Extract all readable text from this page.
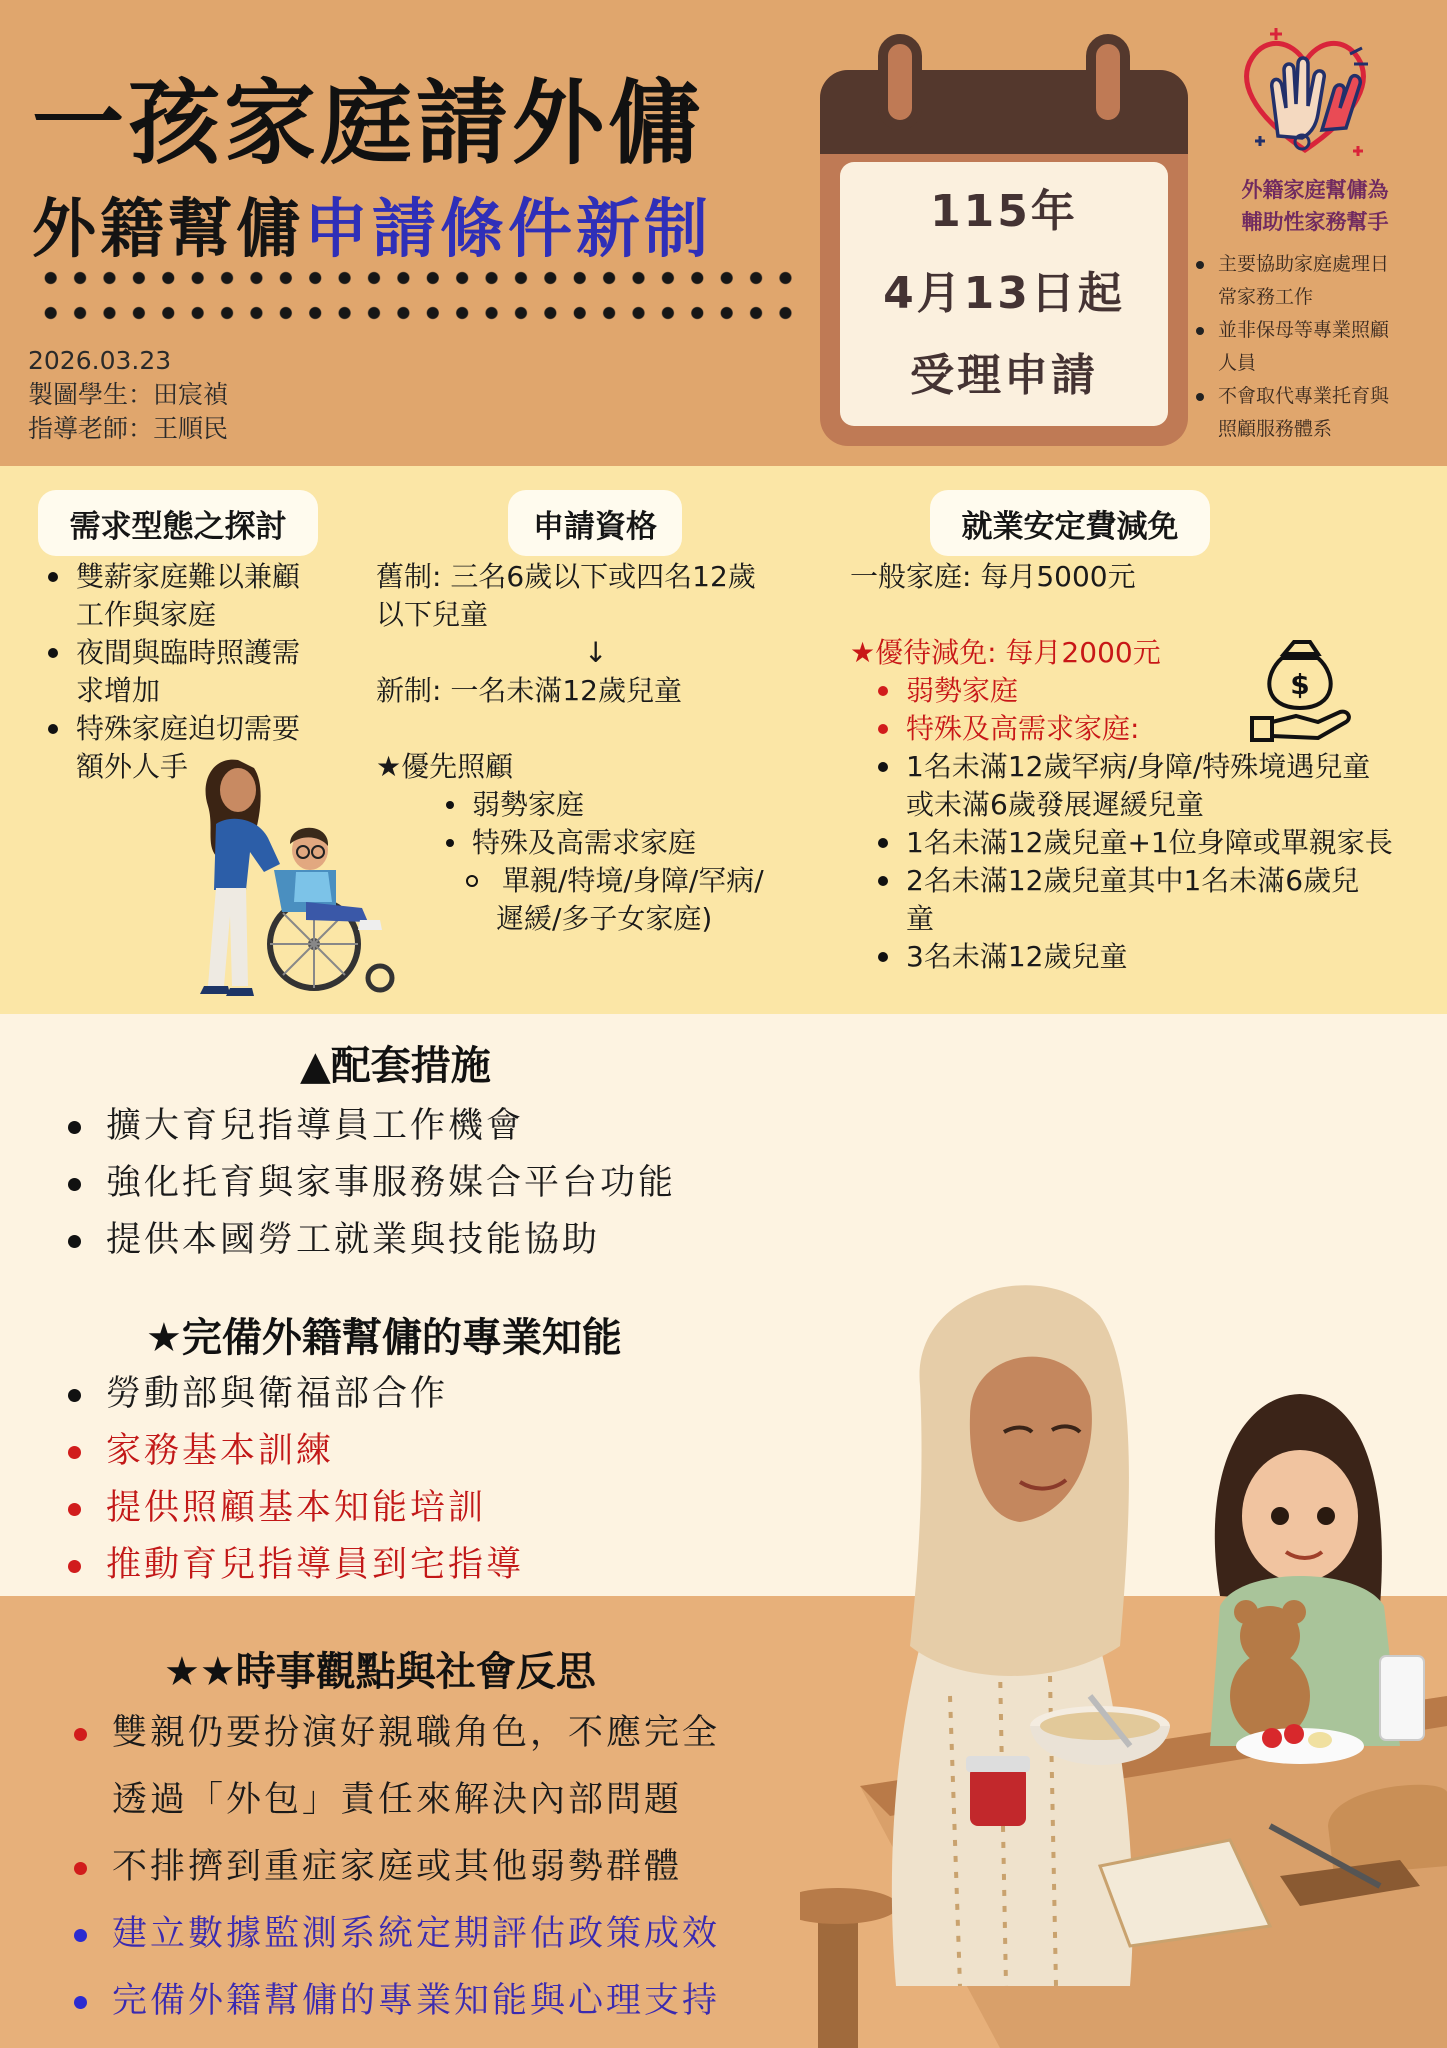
一孩家庭請外傭
外籍幫傭申請條件新制
2026.03.23
製圖學生：田宸禎
指導老師：王順民
115年
4月13日起
受理申請
外籍家庭幫傭為
輔助性家務幫手
主要協助家庭處理日
常家務工作
並非保母等專業照顧
人員
不會取代專業托育與
照顧服務體系
需求型態之探討	申請資格	就業安定費減免
雙薪家庭難以兼顧
工作與家庭
夜間與臨時照護需
求增加
特殊家庭迫切需要
額外人手
舊制: 三名6歲以下或四名12歲
以下兒童
↓
新制: 一名未滿12歲兒童
★優先照顧
弱勢家庭
特殊及高需求家庭
單親/特境/身障/罕病/
遲緩/多子女家庭)
一般家庭: 每月5000元
★優待減免: 每月2000元
弱勢家庭
特殊及高需求家庭:
1名未滿12歲罕病/身障/特殊境遇兒童
或未滿6歲發展遲緩兒童
1名未滿12歲兒童+1位身障或單親家長
2名未滿12歲兒童其中1名未滿6歲兒
童
3名未滿12歲兒童
$
▲配套措施
擴大育兒指導員工作機會
強化托育與家事服務媒合平台功能
提供本國勞工就業與技能協助
★完備外籍幫傭的專業知能
勞動部與衛福部合作
家務基本訓練
提供照顧基本知能培訓
推動育兒指導員到宅指導
★★時事觀點與社會反思
雙親仍要扮演好親職角色，不應完全
透過「外包」責任來解決內部問題
不排擠到重症家庭或其他弱勢群體
建立數據監測系統定期評估政策成效
完備外籍幫傭的專業知能與心理支持
